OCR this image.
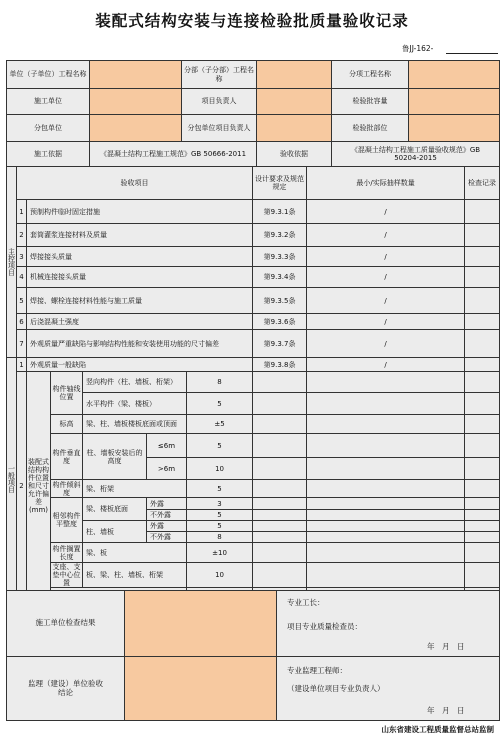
装配式结构安装与连接检验批质量验收记录
鲁JJ-162-
单位（子单位）工程名称		分部（子分部）工程名称		分项工程名称	
施工单位		项目负责人		检验批容量	
分包单位		分包单位项目负责人		检验批部位	
施工依据	《混凝土结构工程施工规范》GB 50666-2011		验收依据	《混凝土结构工程施工质量验收规范》GB 50204-2015	
主控项目	验收项目						设计要求及规范规定	最小/实际抽样数量	检查记录	
	1	预制构件临时固定措施					第9.3.1条	/		
	2	套筒灌浆连接材料及质量					第9.3.2条	/		
	3	焊接接头质量					第9.3.3条	/		
	4	机械连接接头质量					第9.3.4条	/		
	5	焊接、螺栓连接材料性能与施工质量					第9.3.5条	/		
	6	后浇混凝土强度					第9.3.6条	/		
	7	外观质量严重缺陷与影响结构性能和安装使用功能的尺寸偏差					第9.3.7条	/		

一般项目	1	外观质量一般缺陷					第9.3.8条	/		
	2	装配式结构构件位置和尺寸允许偏差(mm)	构件轴线位置	竖向构件（柱、墙板、桁架）		8				
				水平构件（梁、楼板）		5				
			标高	梁、柱、墙板楼板底面或顶面		±5				
			构件垂直度	柱、墙板安装后的高度	≤6m	5				
					>6m	10				
			构件倾斜度	梁、桁架		5				
			相邻构件平整度	梁、楼板底面	外露	3				
					不外露	5				
				柱、墙板	外露	5				
					不外露	8				
			构件搁置长度	梁、板		±10				
			支座、支垫中心位置	板、梁、柱、墙板、桁架		10				

施工单位检查结果		专业工长：
项目专业质量检查员：
年　月　日

监理（建设）单位验收结论		专业监理工程师：
（建设单位项目专业负责人）
年　月　日
山东省建设工程质量监督总站监制
